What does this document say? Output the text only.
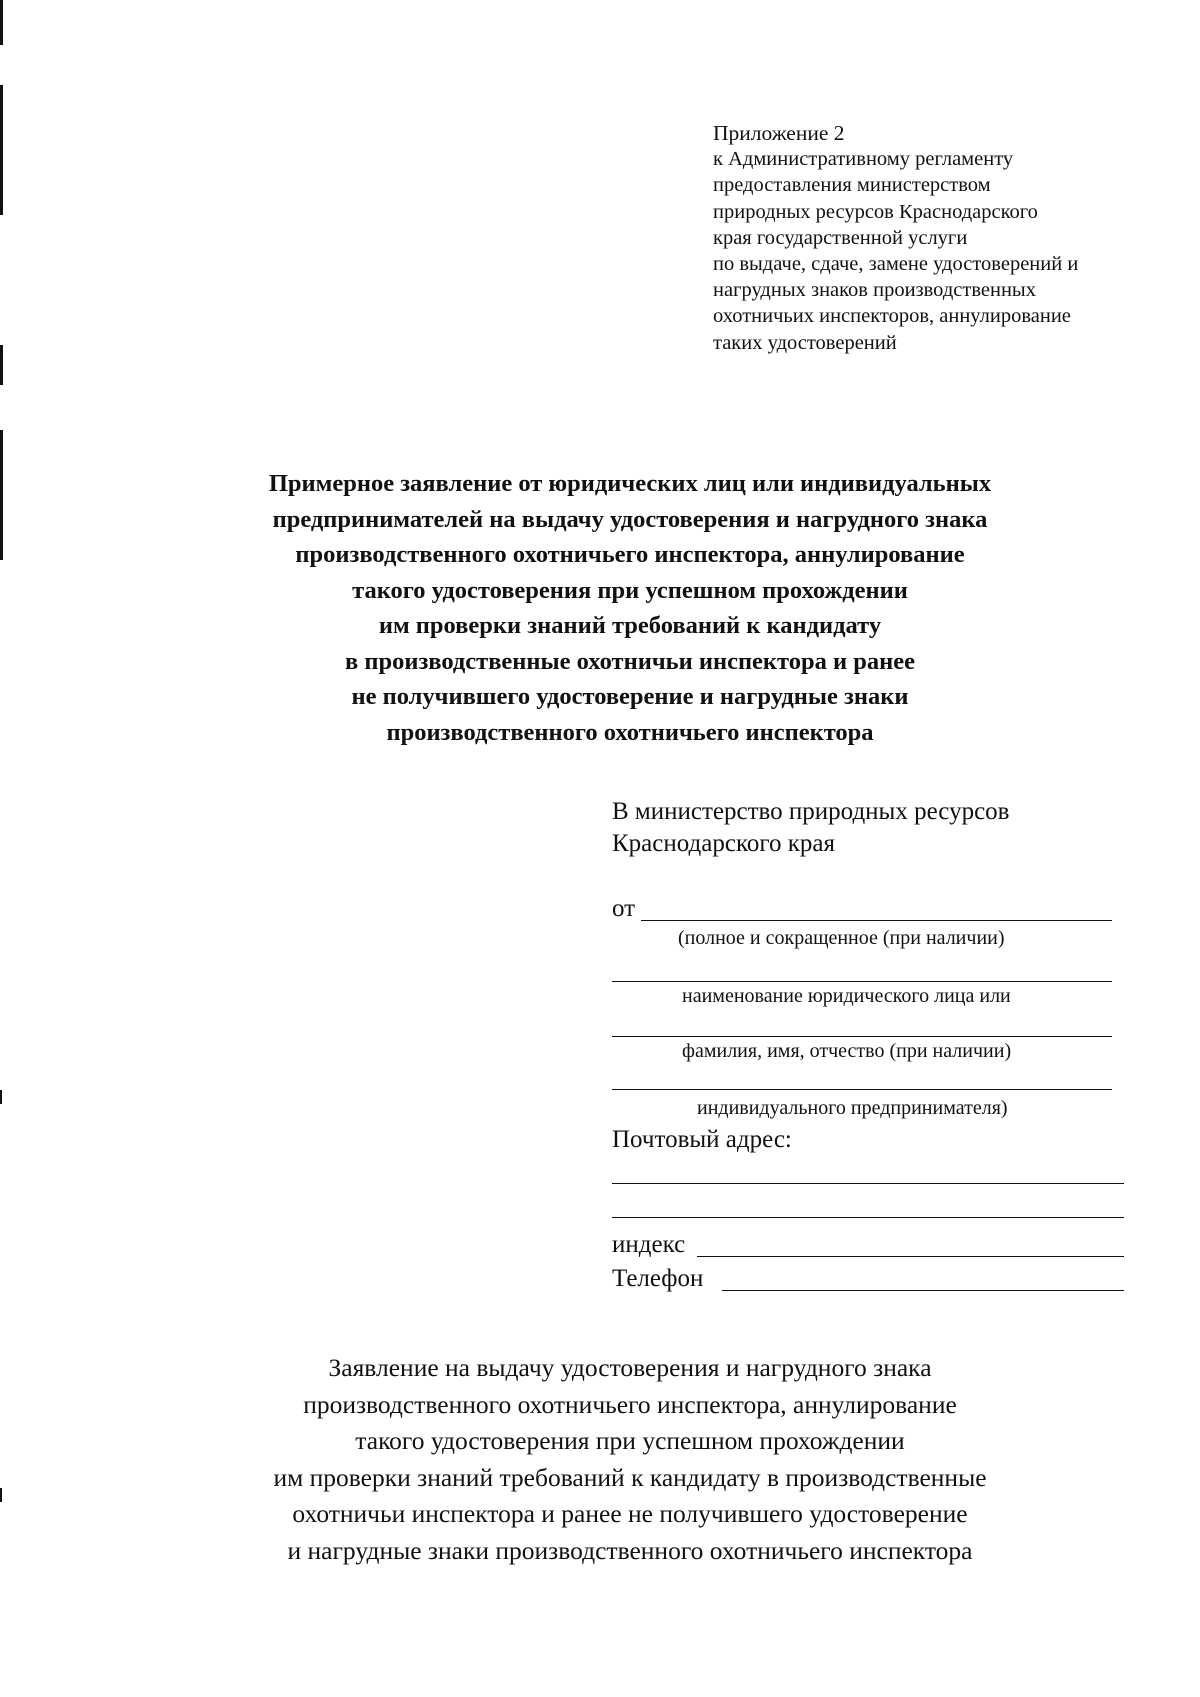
Приложение 2
к Административному регламенту
предоставления министерством
природных ресурсов Краснодарского
края государственной услуги
по выдаче, сдаче, замене удостоверений и
нагрудных знаков производственных
охотничьих инспекторов, аннулирование
таких удостоверений
Примерное заявление от юридических лиц или индивидуальных
предпринимателей на выдачу удостоверения и нагрудного знака
производственного охотничьего инспектора, аннулирование
такого удостоверения при успешном прохождении
им проверки знаний требований к кандидату
в производственные охотничьи инспектора и ранее
не получившего удостоверение и нагрудные знаки
производственного охотничьего инспектора
В министерство природных ресурсов
Краснодарского края
от
(полное и сокращенное (при наличии)
наименование юридического лица или
фамилия, имя, отчество (при наличии)
индивидуального предпринимателя)
Почтовый адрес:
индекс
Телефон
Заявление на выдачу удостоверения и нагрудного знака
производственного охотничьего инспектора, аннулирование
такого удостоверения при успешном прохождении
им проверки знаний требований к кандидату в производственные
охотничьи инспектора и ранее не получившего удостоверение
и нагрудные знаки производственного охотничьего инспектора
